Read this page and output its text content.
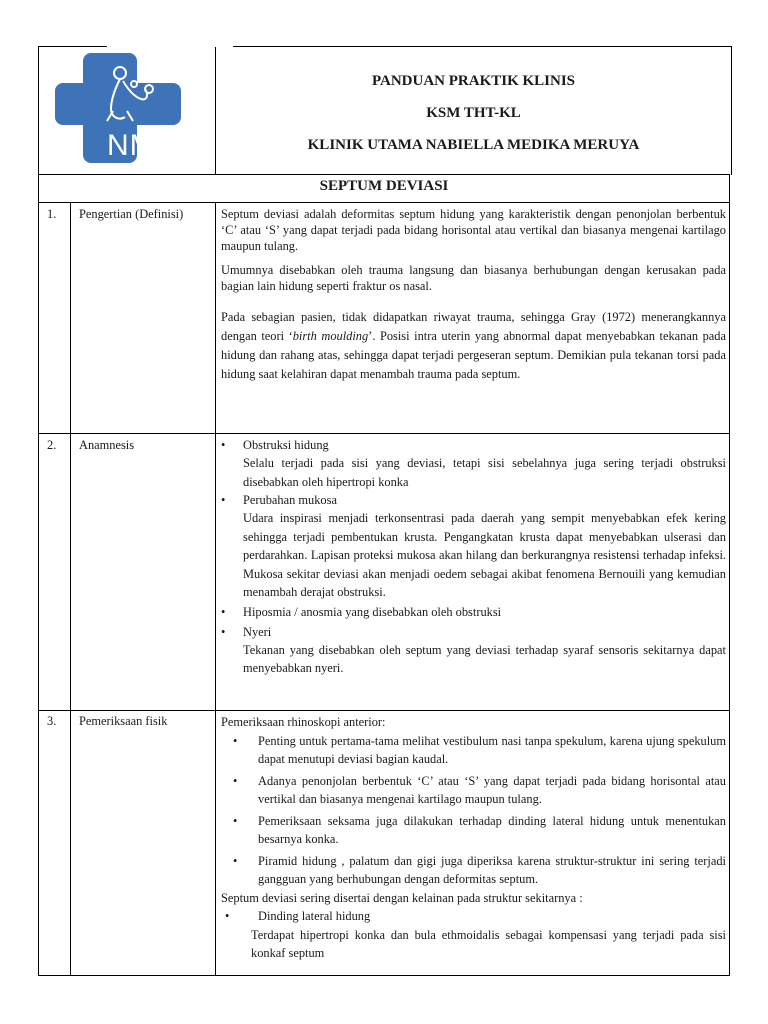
NMM
PANDUAN PRAKTIK KLINIS
KSM THT-KL
KLINIK UTAMA NABIELLA MEDIKA MERUYA
SEPTUM DEVIASI
1. Pengertian (Definisi)	Septum deviasi adalah deformitas septum hidung yang karakteristik dengan penonjolan berbentuk ‘C’ atau ‘S’ yang dapat terjadi pada bidang horisontal atau vertikal dan biasanya mengenai kartilago maupun tulang.

Umumnya disebabkan oleh trauma langsung dan biasanya berhubungan dengan kerusakan pada bagian lain hidung seperti fraktur os nasal.

Pada sebagian pasien, tidak didapatkan riwayat trauma, sehingga Gray (1972) menerangkannya dengan teori ‘birth moulding’. Posisi intra uterin yang abnormal dapat menyebabkan tekanan pada hidung dan rahang atas, sehingga dapat terjadi pergeseran septum. Demikian pula tekanan torsi pada hidung saat kelahiran dapat menambah trauma pada septum.

2. Anamnesis	• Obstruksi hidung
Selalu terjadi pada sisi yang deviasi, tetapi sisi sebelahnya juga sering terjadi obstruksi disebabkan oleh hipertropi konka
• Perubahan mukosa
Udara inspirasi menjadi terkonsentrasi pada daerah yang sempit menyebabkan efek kering sehingga terjadi pembentukan krusta. Pengangkatan krusta dapat menyebabkan ulserasi dan perdarahkan. Lapisan proteksi mukosa akan hilang dan berkurangnya resistensi terhadap infeksi. Mukosa sekitar deviasi akan menjadi oedem sebagai akibat fenomena Bernouili yang kemudian menambah derajat obstruksi.
• Hiposmia / anosmia yang disebabkan oleh obstruksi
• Nyeri
Tekanan yang disebabkan oleh septum yang deviasi terhadap syaraf sensoris sekitarnya dapat menyebabkan nyeri.
3. Pemeriksaan fisik	Pemeriksaan rhinoskopi anterior:
• Penting untuk pertama-tama melihat vestibulum nasi tanpa spekulum, karena ujung spekulum dapat menutupi deviasi bagian kaudal.
• Adanya penonjolan berbentuk ‘C’ atau ‘S’ yang dapat terjadi pada bidang horisontal atau vertikal dan biasanya mengenai kartilago maupun tulang.
• Pemeriksaan seksama juga dilakukan terhadap dinding lateral hidung untuk menentukan besarnya konka.
• Piramid hidung , palatum dan gigi juga diperiksa karena struktur-struktur ini sering terjadi gangguan yang berhubungan dengan deformitas septum.
Septum deviasi sering disertai dengan kelainan pada struktur sekitarnya :
• Dinding lateral hidung
Terdapat hipertropi konka dan bula ethmoidalis sebagai kompensasi yang terjadi pada sisi konkaf septum
